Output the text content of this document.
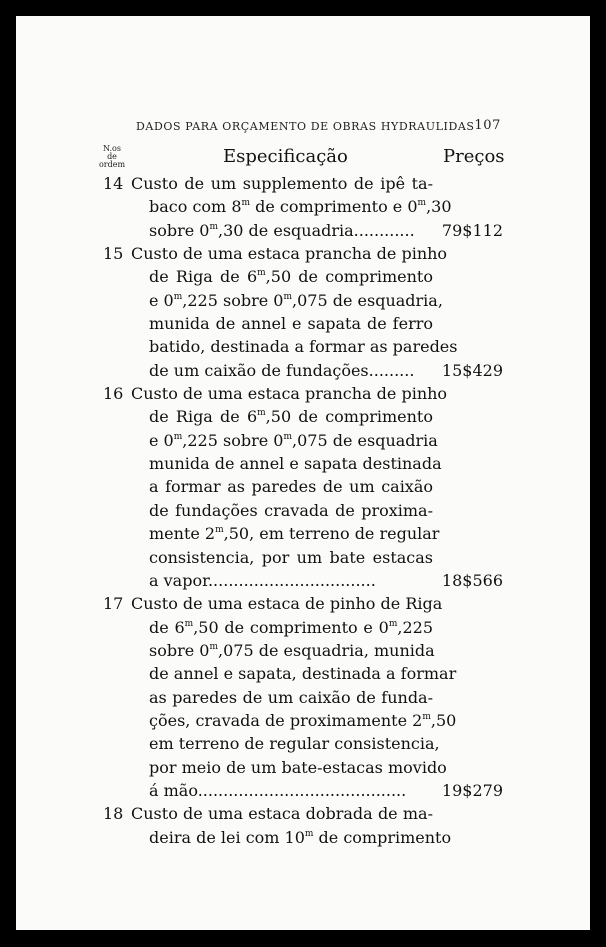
DADOS PARA ORÇAMENTO DE OBRAS HYDRAULIDAS 107
N.os
de
ordem	Especificação	Preços
14 Custo de um supplemento de ipê ta-
baco com 8$^m$ de comprimento e 0$^m$,30
sobre 0$^m$,30 de esquadria............ 79$112
15 Custo de uma estaca prancha de pinho
de Riga de 6$^m$,50 de comprimento
e 0$^m$,225 sobre 0$^m$,075 de esquadria,
munida de annel e sapata de ferro
batido, destinada a formar as paredes
de um caixão de fundações......... 15$429
16 Custo de uma estaca prancha de pinho
de Riga de 6$^m$,50 de comprimento
e 0$^m$,225 sobre 0$^m$,075 de esquadria
munida de annel e sapata destinada
a formar as paredes de um caixão
de fundações cravada de proxima-
mente 2$^m$,50, em terreno de regular
consistencia, por um bate estacas
a vapor.................................	18$566
17 Custo de uma estaca de pinho de Riga
de 6$^m$,50 de comprimento e 0$^m$,225
sobre 0$^m$,075 de esquadria, munida
de annel e sapata, destinada a formar
as paredes de um caixão de funda-
ções, cravada de proximamente 2$^m$,50
em terreno de regular consistencia,
por meio de um bate-estacas movido
á mão......................................... 19$279
18 Custo de uma estaca dobrada de ma-
deira de lei com 10$^m$ de comprimento
